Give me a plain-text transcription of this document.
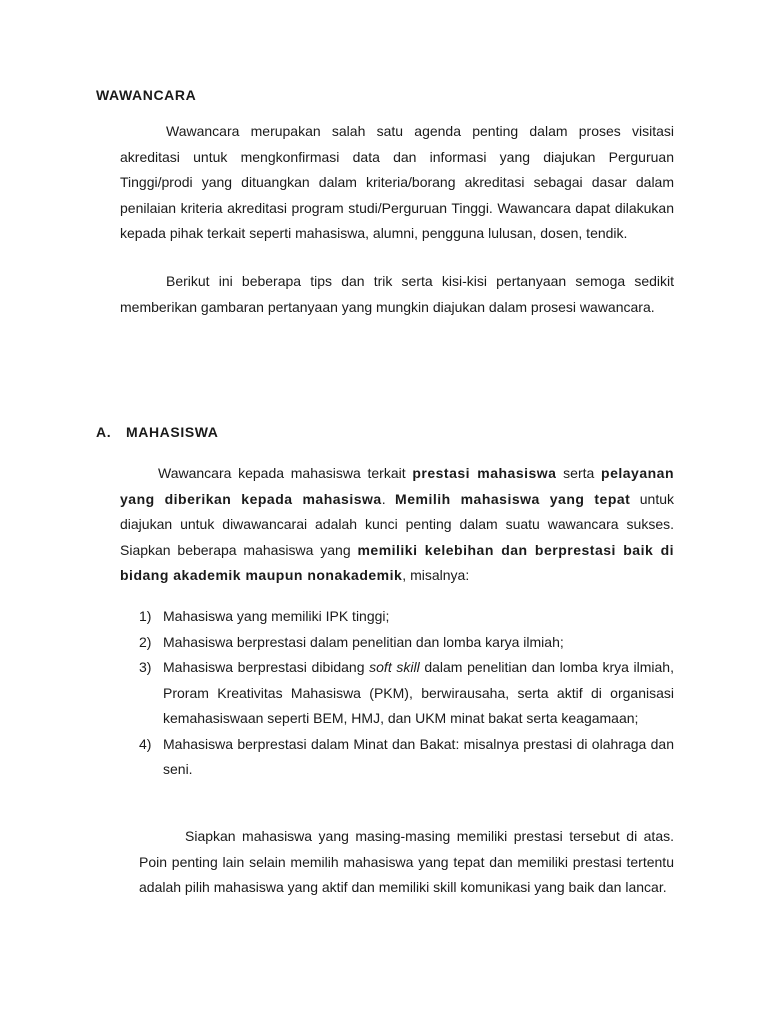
WAWANCARA

Wawancara merupakan salah satu agenda penting dalam proses visitasi akreditasi untuk mengkonfirmasi data dan informasi yang diajukan Perguruan Tinggi/prodi yang dituangkan dalam kriteria/borang akreditasi sebagai dasar dalam penilaian kriteria akreditasi program studi/Perguruan Tinggi. Wawancara dapat dilakukan kepada pihak terkait seperti mahasiswa, alumni, pengguna lulusan, dosen, tendik.

Berikut ini beberapa tips dan trik serta kisi-kisi pertanyaan semoga sedikit memberikan gambaran pertanyaan yang mungkin diajukan dalam prosesi wawancara.

A. MAHASISWA

Wawancara kepada mahasiswa terkait prestasi mahasiswa serta pelayanan yang diberikan kepada mahasiswa. Memilih mahasiswa yang tepat untuk diajukan untuk diwawancarai adalah kunci penting dalam suatu wawancara sukses. Siapkan beberapa mahasiswa yang memiliki kelebihan dan berprestasi baik di bidang akademik maupun nonakademik, misalnya:

1) Mahasiswa yang memiliki IPK tinggi;
2) Mahasiswa berprestasi dalam penelitian dan lomba karya ilmiah;
3) Mahasiswa berprestasi dibidang soft skill dalam penelitian dan lomba krya ilmiah, Proram Kreativitas Mahasiswa (PKM), berwirausaha, serta aktif di organisasi kemahasiswaan seperti BEM, HMJ, dan UKM minat bakat serta keagamaan;
4) Mahasiswa berprestasi dalam Minat dan Bakat: misalnya prestasi di olahraga dan seni.

Siapkan mahasiswa yang masing-masing memiliki prestasi tersebut di atas. Poin penting lain selain memilih mahasiswa yang tepat dan memiliki prestasi tertentu adalah pilih mahasiswa yang aktif dan memiliki skill komunikasi yang baik dan lancar.
